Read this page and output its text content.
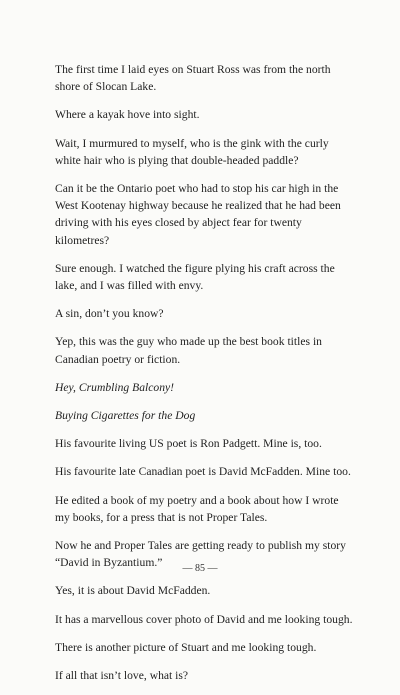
The first time I laid eyes on Stuart Ross was from the north shore of Slocan Lake.

Where a kayak hove into sight.

Wait, I murmured to myself, who is the gink with the curly white hair who is plying that double-headed paddle?

Can it be the Ontario poet who had to stop his car high in the West Kootenay highway because he realized that he had been driving with his eyes closed by abject fear for twenty kilometres?

Sure enough. I watched the figure plying his craft across the lake, and I was filled with envy.

A sin, don’t you know?

Yep, this was the guy who made up the best book titles in Canadian poetry or fiction.

Hey, Crumbling Balcony!

Buying Cigarettes for the Dog

His favourite living US poet is Ron Padgett. Mine is, too.

His favourite late Canadian poet is David McFadden. Mine too.

He edited a book of my poetry and a book about how I wrote my books, for a press that is not Proper Tales.

Now he and Proper Tales are getting ready to publish my story “David in Byzantium.”

Yes, it is about David McFadden.

It has a marvellous cover photo of David and me looking tough.

There is another picture of Stuart and me looking tough.

If all that isn’t love, what is?

— 85 —
